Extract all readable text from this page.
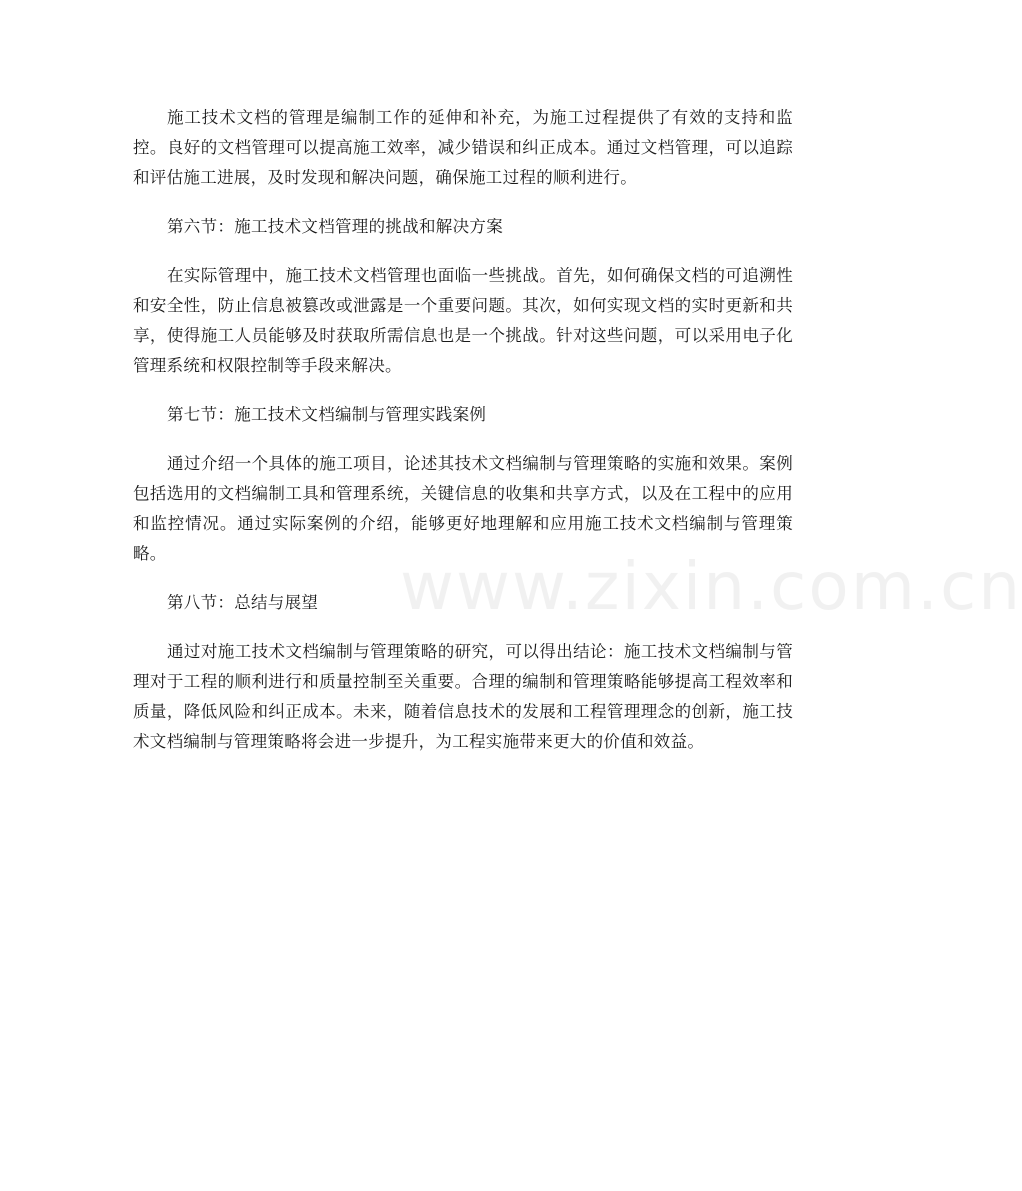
施工技术文档的管理是编制工作的延伸和补充，为施工过程提供了有效的支持和监控。良好的文档管理可以提高施工效率，减少错误和纠正成本。通过文档管理，可以追踪和评估施工进展，及时发现和解决问题，确保施工过程的顺利进行。

第六节：施工技术文档管理的挑战和解决方案

在实际管理中，施工技术文档管理也面临一些挑战。首先，如何确保文档的可追溯性和安全性，防止信息被篡改或泄露是一个重要问题。其次，如何实现文档的实时更新和共享，使得施工人员能够及时获取所需信息也是一个挑战。针对这些问题，可以采用电子化管理系统和权限控制等手段来解决。

第七节：施工技术文档编制与管理实践案例

通过介绍一个具体的施工项目，论述其技术文档编制与管理策略的实施和效果。案例包括选用的文档编制工具和管理系统，关键信息的收集和共享方式，以及在工程中的应用和监控情况。通过实际案例的介绍，能够更好地理解和应用施工技术文档编制与管理策略。

第八节：总结与展望

通过对施工技术文档编制与管理策略的研究，可以得出结论：施工技术文档编制与管理对于工程的顺利进行和质量控制至关重要。合理的编制和管理策略能够提高工程效率和质量，降低风险和纠正成本。未来，随着信息技术的发展和工程管理理念的创新，施工技术文档编制与管理策略将会进一步提升，为工程实施带来更大的价值和效益。

www.zixin.com.cn
